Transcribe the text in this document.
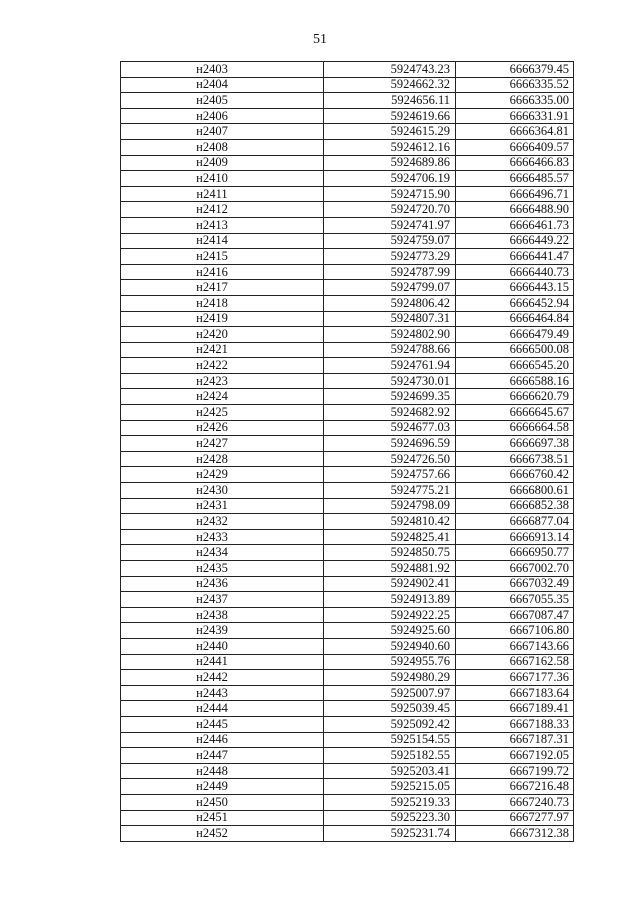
51
н2403	5924743.23	6666379.45
н2404	5924662.32	6666335.52
н2405	5924656.11	6666335.00
н2406	5924619.66	6666331.91
н2407	5924615.29	6666364.81
н2408	5924612.16	6666409.57
н2409	5924689.86	6666466.83
н2410	5924706.19	6666485.57
н2411	5924715.90	6666496.71
н2412	5924720.70	6666488.90
н2413	5924741.97	6666461.73
н2414	5924759.07	6666449.22
н2415	5924773.29	6666441.47
н2416	5924787.99	6666440.73
н2417	5924799.07	6666443.15
н2418	5924806.42	6666452.94
н2419	5924807.31	6666464.84
н2420	5924802.90	6666479.49
н2421	5924788.66	6666500.08
н2422	5924761.94	6666545.20
н2423	5924730.01	6666588.16
н2424	5924699.35	6666620.79
н2425	5924682.92	6666645.67
н2426	5924677.03	6666664.58
н2427	5924696.59	6666697.38
н2428	5924726.50	6666738.51
н2429	5924757.66	6666760.42
н2430	5924775.21	6666800.61
н2431	5924798.09	6666852.38
н2432	5924810.42	6666877.04
н2433	5924825.41	6666913.14
н2434	5924850.75	6666950.77
н2435	5924881.92	6667002.70
н2436	5924902.41	6667032.49
н2437	5924913.89	6667055.35
н2438	5924922.25	6667087.47
н2439	5924925.60	6667106.80
н2440	5924940.60	6667143.66
н2441	5924955.76	6667162.58
н2442	5924980.29	6667177.36
н2443	5925007.97	6667183.64
н2444	5925039.45	6667189.41
н2445	5925092.42	6667188.33
н2446	5925154.55	6667187.31
н2447	5925182.55	6667192.05
н2448	5925203.41	6667199.72
н2449	5925215.05	6667216.48
н2450	5925219.33	6667240.73
н2451	5925223.30	6667277.97
н2452	5925231.74	6667312.38
